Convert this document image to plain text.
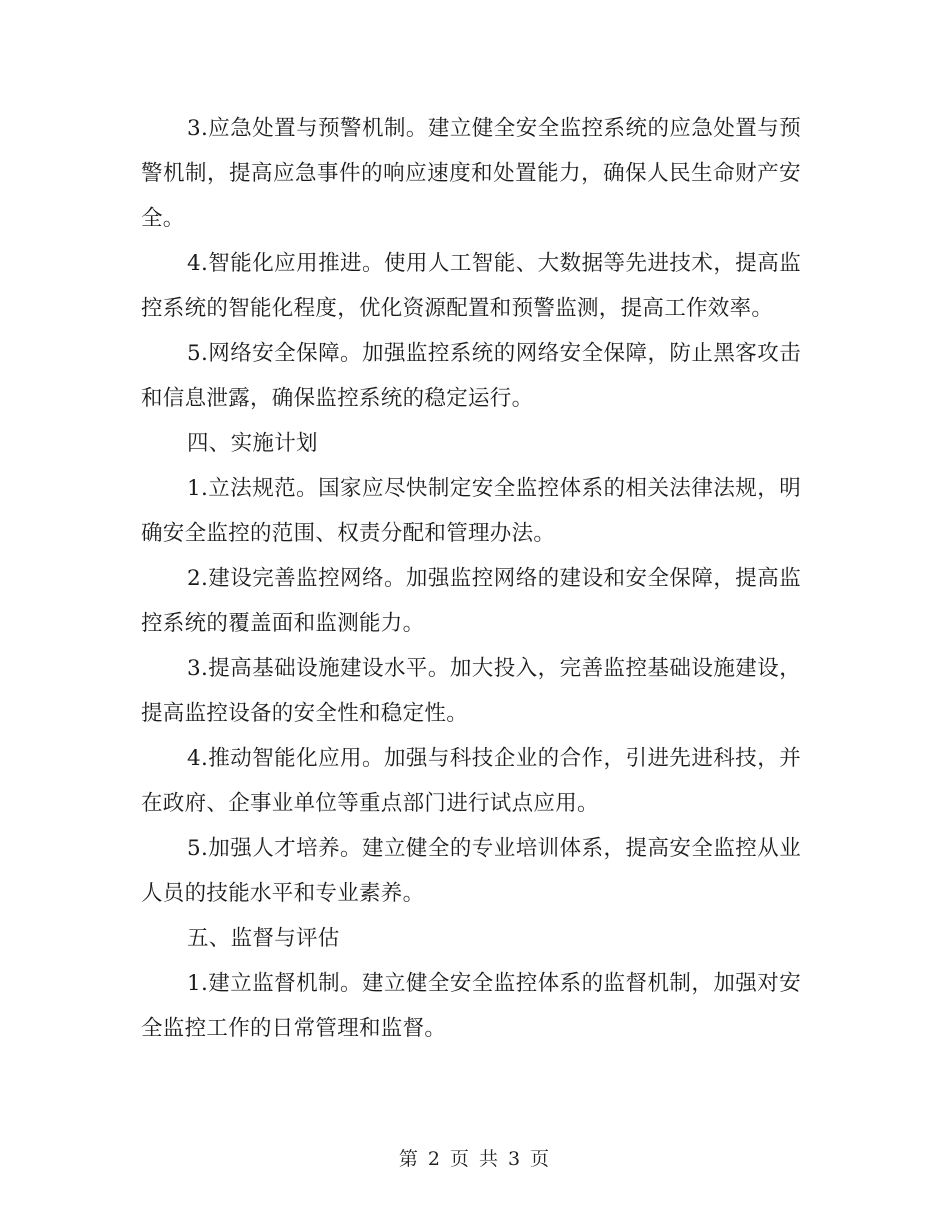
3.应急处置与预警机制。建立健全安全监控系统的应急处置与预警机制，提高应急事件的响应速度和处置能力，确保人民生命财产安全。

4.智能化应用推进。使用人工智能、大数据等先进技术，提高监控系统的智能化程度，优化资源配置和预警监测，提高工作效率。

5.网络安全保障。加强监控系统的网络安全保障，防止黑客攻击和信息泄露，确保监控系统的稳定运行。

四、实施计划

1.立法规范。国家应尽快制定安全监控体系的相关法律法规，明确安全监控的范围、权责分配和管理办法。

2.建设完善监控网络。加强监控网络的建设和安全保障，提高监控系统的覆盖面和监测能力。

3.提高基础设施建设水平。加大投入，完善监控基础设施建设，提高监控设备的安全性和稳定性。

4.推动智能化应用。加强与科技企业的合作，引进先进科技，并在政府、企事业单位等重点部门进行试点应用。

5.加强人才培养。建立健全的专业培训体系，提高安全监控从业人员的技能水平和专业素养。

五、监督与评估

1.建立监督机制。建立健全安全监控体系的监督机制，加强对安全监控工作的日常管理和监督。

第 2 页 共 3 页
